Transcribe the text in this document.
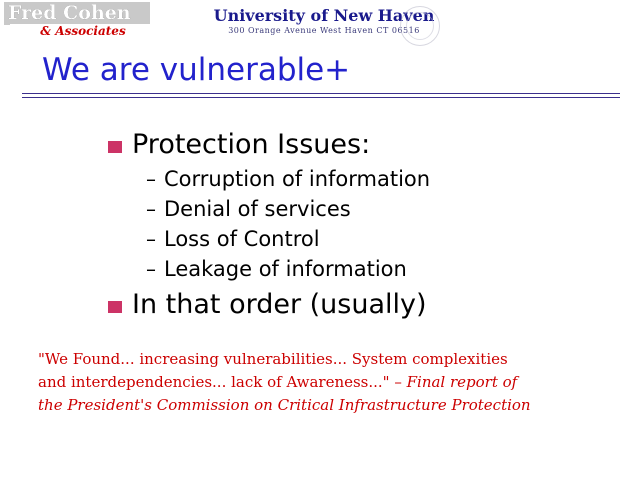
Fred Cohen
& Associates
University of New Haven
300 Orange Avenue West Haven CT 06516
We are vulnerable+
Protection Issues:
– Corruption of information
– Denial of services
– Loss of Control
– Leakage of information
In that order (usually)
"We Found... increasing vulnerabilities... System complexities
and interdependencies... lack of Awareness..." – Final report of
the President's Commission on Critical Infrastructure Protection
